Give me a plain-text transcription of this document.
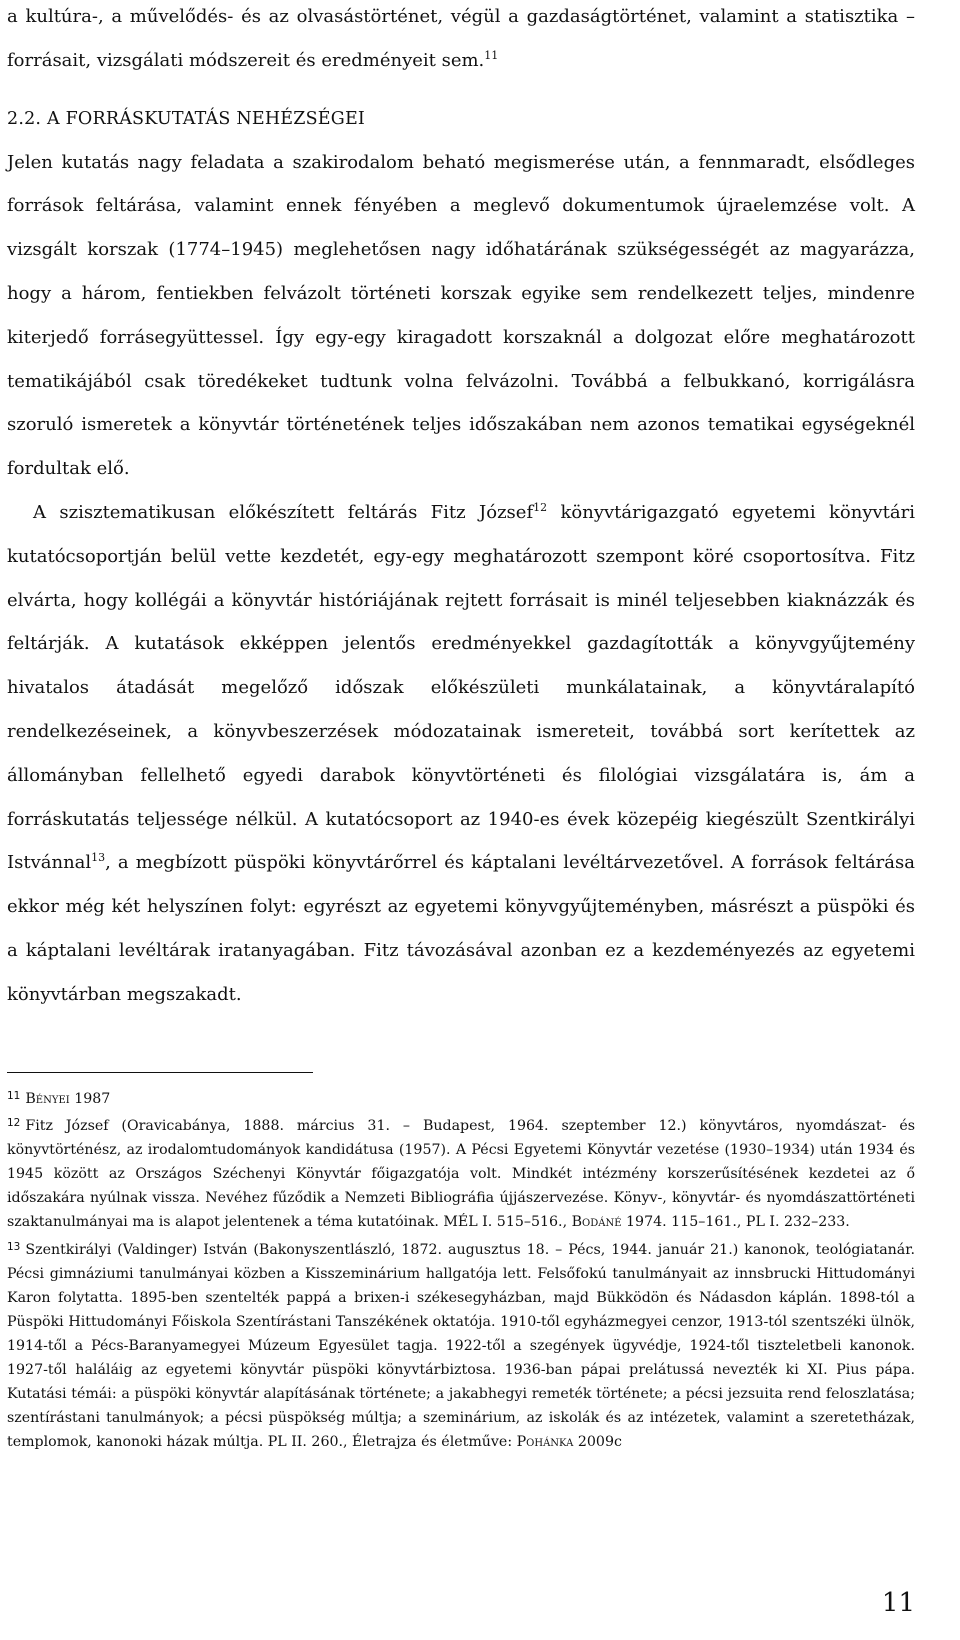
a kultúra-, a művelődés- és az olvasástörténet, végül a gazdaságtörténet, valamint a statisztika – forrásait, vizsgálati módszereit és eredményeit sem.$^{11}$

2.2. A FORRÁSKUTATÁS NEHÉZSÉGEI

Jelen kutatás nagy feladata a szakirodalom beható megismerése után, a fennmaradt, elsődleges források feltárása, valamint ennek fényében a meglevő dokumentumok újraelemzése volt. A vizsgált korszak (1774–1945) meglehetősen nagy időhatárának szükségességét az magyarázza, hogy a három, fentiekben felvázolt történeti korszak egyike sem rendelkezett teljes, mindenre kiterjedő forrásegyüttessel. Így egy-egy kiragadott korszaknál a dolgozat előre meghatározott tematikájából csak töredékeket tudtunk volna felvázolni. Továbbá a felbukkanó, korrigálásra szoruló ismeretek a könyvtár történetének teljes időszakában nem azonos tematikai egységeknél fordultak elő.

A szisztematikusan előkészített feltárás Fitz József$^{12}$ könyvtárigazgató egyetemi könyvtári kutatócsoportján belül vette kezdetét, egy-egy meghatározott szempont köré csoportosítva. Fitz elvárta, hogy kollégái a könyvtár históriájának rejtett forrásait is minél teljesebben kiaknázzák és feltárják. A kutatások ekképpen jelentős eredményekkel gazdagították a könyvgyűjtemény hivatalos átadását megelőző időszak előkészületi munkálatainak, a könyvtáralapító rendelkezéseinek, a könyvbeszerzések módozatainak ismereteit, továbbá sort kerítettek az állományban fellelhető egyedi darabok könyvtörténeti és filológiai vizsgálatára is, ám a forráskutatás teljessége nélkül. A kutatócsoport az 1940-es évek közepéig kiegészült Szentkirályi Istvánnal$^{13}$, a megbízott püspöki könyvtárőrrel és káptalani levéltárvezetővel. A források feltárása ekkor még két helyszínen folyt: egyrészt az egyetemi könyvgyűjteményben, másrészt a püspöki és a káptalani levéltárak iratanyagában. Fitz távozásával azonban ez a kezdeményezés az egyetemi könyvtárban megszakadt.

$^{11}$ Bényei 1987

$^{12}$ Fitz József (Oravicabánya, 1888. március 31. – Budapest, 1964. szeptember 12.) könyvtáros, nyomdászat- és könyvtörténész, az irodalomtudományok kandidátusa (1957). A Pécsi Egyetemi Könyvtár vezetése (1930–1934) után 1934 és 1945 között az Országos Széchenyi Könyvtár főigazgatója volt. Mindkét intézmény korszerűsítésének kezdetei az ő időszakára nyúlnak vissza. Nevéhez fűződik a Nemzeti Bibliográfia újjászervezése. Könyv-, könyvtár- és nyomdászattörténeti szaktanulmányai ma is alapot jelentenek a téma kutatóinak. MÉL I. 515–516., Bodáné 1974. 115–161., PL I. 232–233.

$^{13}$ Szentkirályi (Valdinger) István (Bakonyszentlászló, 1872. augusztus 18. – Pécs, 1944. január 21.) kanonok, teológiatanár. Pécsi gimnáziumi tanulmányai közben a Kisszeminárium hallgatója lett. Felsőfokú tanulmányait az innsbrucki Hittudományi Karon folytatta. 1895-ben szentelték pappá a brixen-i székesegyházban, majd Bükködön és Nádasdon káplán. 1898-tól a Püspöki Hittudományi Főiskola Szentírástani Tanszékének oktatója. 1910-től egyházmegyei cenzor, 1913-tól szentszéki ülnök, 1914-től a Pécs-Baranyamegyei Múzeum Egyesület tagja. 1922-től a szegények ügyvédje, 1924-től tiszteletbeli kanonok. 1927-től haláláig az egyetemi könyvtár püspöki könyvtárbiztosa. 1936-ban pápai prelátussá nevezték ki XI. Pius pápa. Kutatási témái: a püspöki könyvtár alapításának története; a jakabhegyi remeték története; a pécsi jezsuita rend feloszlatása; szentírástani tanulmányok; a pécsi püspökség múltja; a szeminárium, az iskolák és az intézetek, valamint a szeretetházak, templomok, kanonoki házak múltja. PL II. 260., Életrajza és életműve: Pohánka 2009c

11
